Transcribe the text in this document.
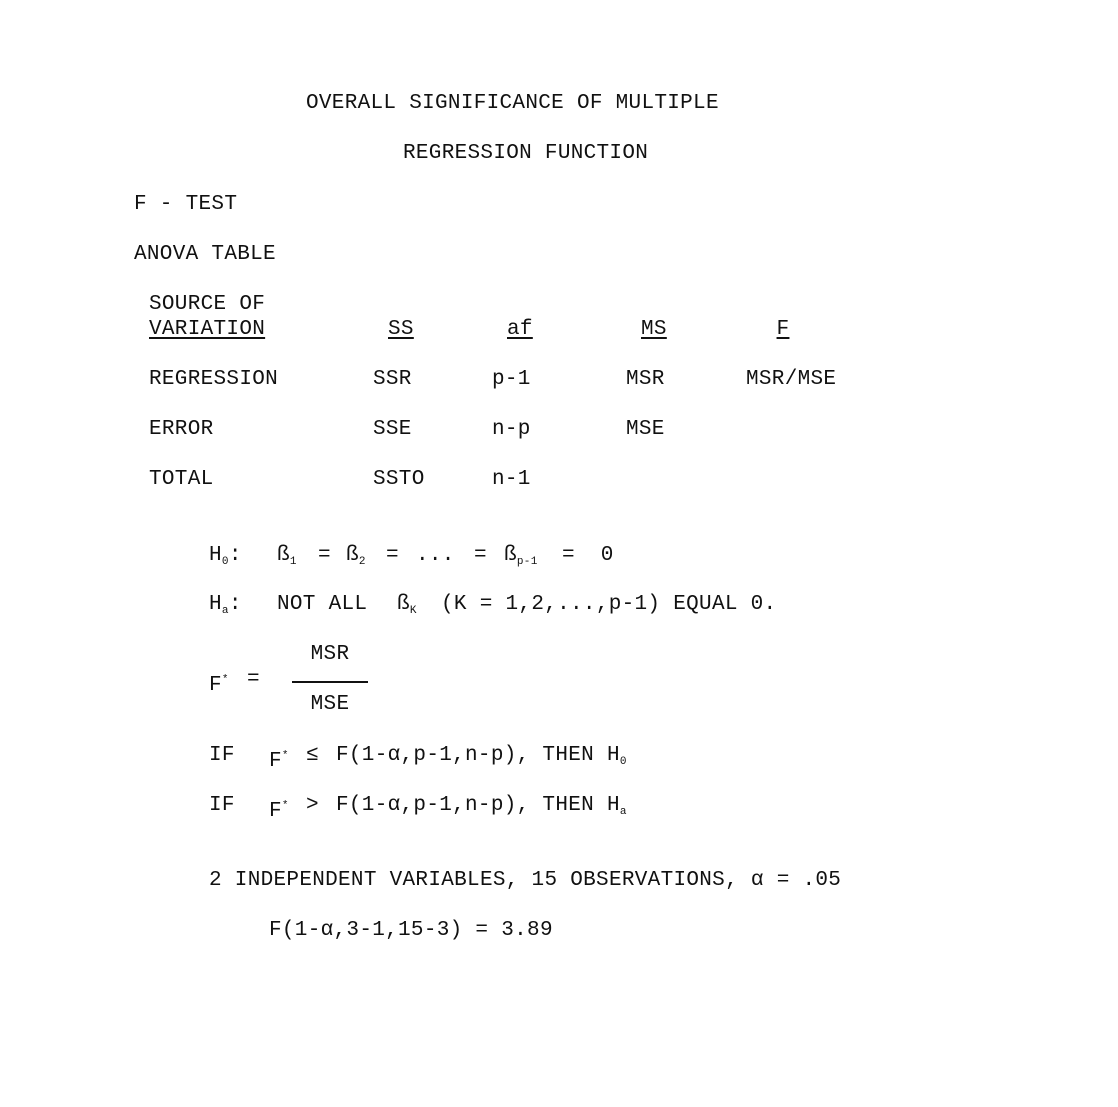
OVERALL SIGNIFICANCE OF MULTIPLE
REGRESSION FUNCTION
F - TEST
ANOVA TABLE
SOURCE OF
VARIATION	SS	af	MS	F
REGRESSION	SSR	p-1	MSR	MSR/MSE
ERROR	SSE	n-p	MSE
TOTAL	SSTO	n-1
$H_0$: $ß_1$ = $ß_2$ = ... = $ß_{p-1} = 0$
$H_a$: NOT ALL $ß_K$ (K = 1,2,...,p-1) EQUAL 0.
F* =
MSR
MSE
IF F* ≤ F(1-α,p-1,n-p), THEN $H_0$
IF F* > F(1-α,p-1,n-p), THEN $H_a$
2 INDEPENDENT VARIABLES, 15 OBSERVATIONS, α = .05
F(1-α,3-1,15-3) = 3.89
